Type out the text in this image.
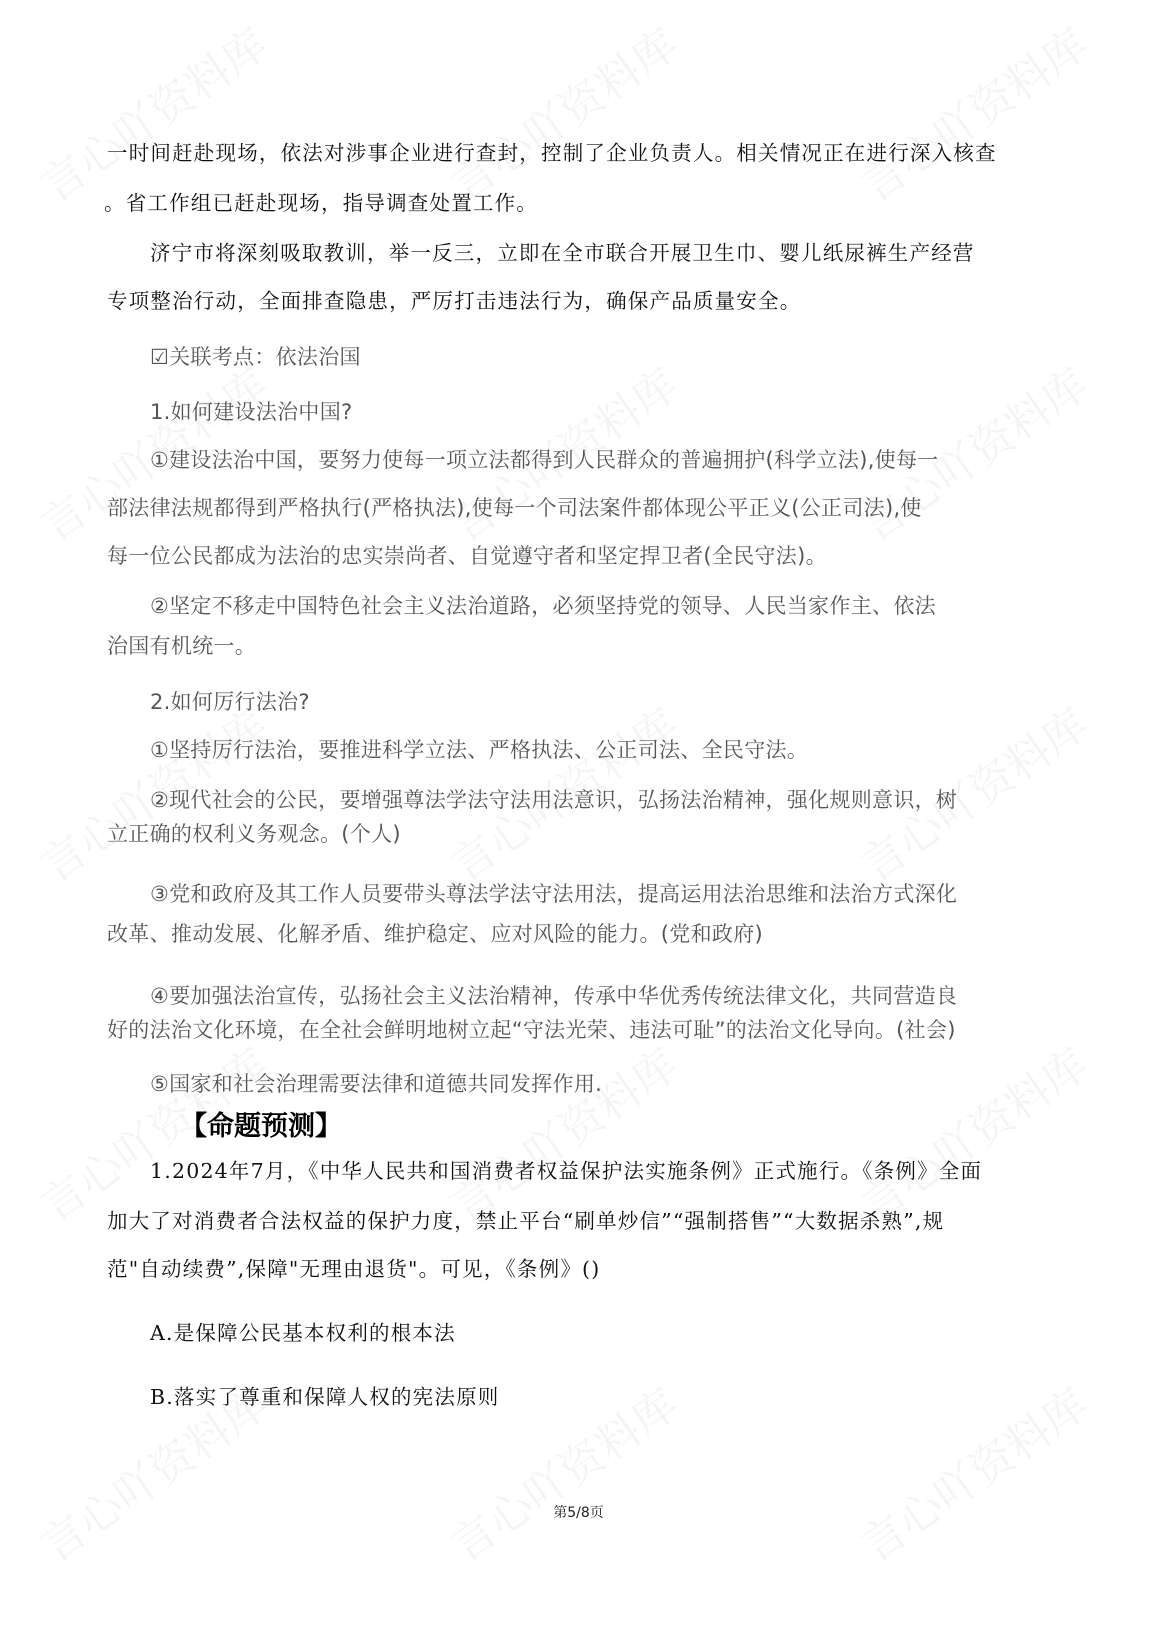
一时间赶赴现场，依法对涉事企业进行查封，控制了企业负责人。相关情况正在进行深入核查
。省工作组已赶赴现场，指导调查处置工作。
济宁市将深刻吸取教训，举一反三，立即在全市联合开展卫生巾、婴儿纸尿裤生产经营
专项整治行动，全面排查隐患，严厉打击违法行为，确保产品质量安全。
☑关联考点：依法治国
1.如何建设法治中国?
①建设法治中国，要努力使每一项立法都得到人民群众的普遍拥护(科学立法),使每一
部法律法规都得到严格执行(严格执法),使每一个司法案件都体现公平正义(公正司法),使
每一位公民都成为法治的忠实崇尚者、自觉遵守者和坚定捍卫者(全民守法)。
②坚定不移走中国特色社会主义法治道路，必须坚持党的领导、人民当家作主、依法
治国有机统一。
2.如何厉行法治?
①坚持厉行法治，要推进科学立法、严格执法、公正司法、全民守法。
②现代社会的公民，要增强尊法学法守法用法意识，弘扬法治精神，强化规则意识，树
立正确的权利义务观念。(个人)
③党和政府及其工作人员要带头尊法学法守法用法，提高运用法治思维和法治方式深化
改革、推动发展、化解矛盾、维护稳定、应对风险的能力。(党和政府)
④要加强法治宣传，弘扬社会主义法治精神，传承中华优秀传统法律文化，共同营造良
好的法治文化环境，在全社会鲜明地树立起“守法光荣、违法可耻”的法治文化导向。(社会)
⑤国家和社会治理需要法律和道德共同发挥作用.
【命题预测】
1.2024年7月，《中华人民共和国消费者权益保护法实施条例》正式施行。《条例》全面
加大了对消费者合法权益的保护力度，禁止平台“刷单炒信”“强制搭售”“大数据杀熟”,规
范"自动续费”,保障"无理由退货"。可见，《条例》()
A.是保障公民基本权利的根本法
B.落实了尊重和保障人权的宪法原则
第5/8页
